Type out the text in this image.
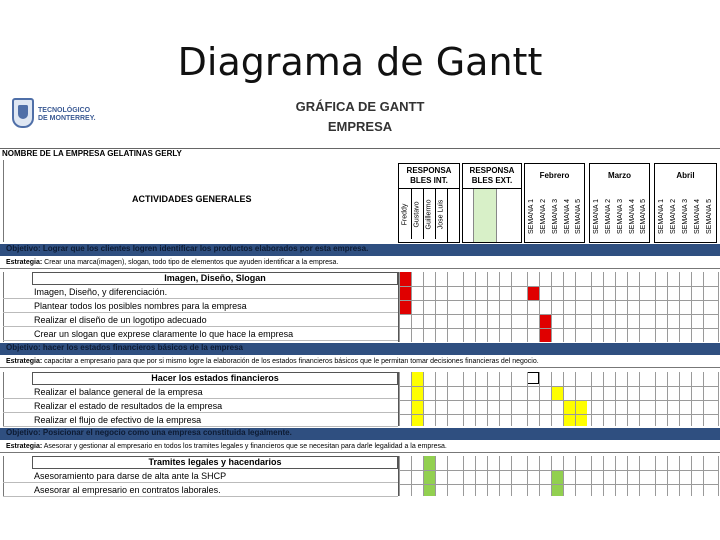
Diagrama de Gantt
TECNOLÓGICO
DE MONTERREY.
GRÁFICA DE GANTT
EMPRESA
NOMBRE DE LA EMPRESA GELATINAS GERLY
ACTIVIDADES GENERALES
RESPONSA BLES INT.
Freddy Gustavo Guillermo Jose Luis
RESPONSA BLES EXT.
Febrero	Marzo	Abril
SEMANA 1 SEMANA 2 SEMANA 3 SEMANA 4 SEMANA 5 SEMANA 1 SEMANA 2 SEMANA 3 SEMANA 4 SEMANA 5 SEMANA 1 SEMANA 2 SEMANA 3 SEMANA 4 SEMANA 5
Objetivo: Lograr que los clientes logren identificar los productos elaborados por esta empresa.
Estrategia: Crear una marca(imagen), slogan, todo tipo de elementos que ayuden identificar a la empresa.
Imagen, Diseño, Slogan
Imagen, Diseño, y diferenciación.
Plantear todos los posibles nombres para la empresa
Realizar el diseño de un logotipo adecuado
Crear un slogan que exprese claramente lo que hace la empresa
Objetivo: hacer los estados financieros básicos de la empresa
Estrategia: capacitar a empresario para que por si mismo logre la elaboración de los estados financieros básicos que le permitan tomar decisiones financieras del negocio.
Hacer los estados financieros
Realizar el balance general de la empresa
Realizar el estado de resultados de la empresa
Realizar el flujo de efectivo de la empresa
Objetivo: Posicionar el negocio como una empresa constituida legalmente.
Estrategia: Asesorar y gestionar al empresario en todos los tramites legales y financieros que se necesitan para darle legalidad a la empresa.
Tramites legales y hacendarios
Asesoramiento para darse de alta ante la SHCP
Asesorar al empresario en contratos laborales.
